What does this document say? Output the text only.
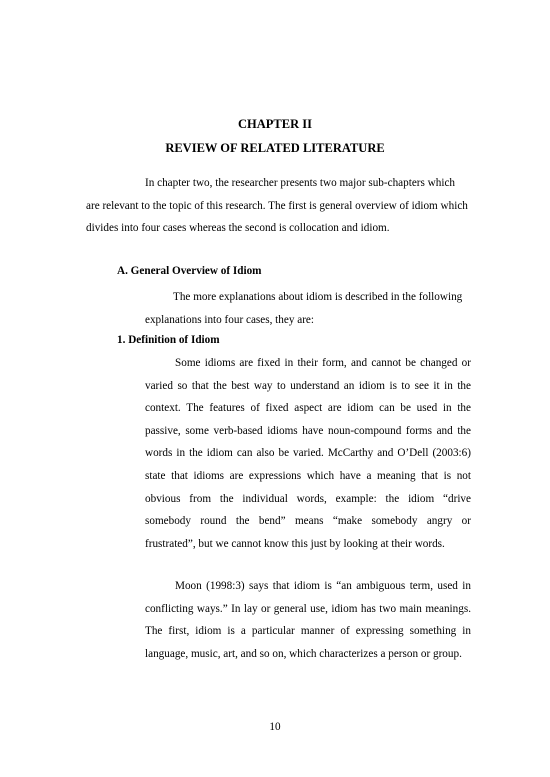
CHAPTER II
REVIEW OF RELATED LITERATURE

In chapter two, the researcher presents two major sub-chapters which are relevant to the topic of this research. The first is general overview of idiom which divides into four cases whereas the second is collocation and idiom.

A. General Overview of Idiom

The more explanations about idiom is described in the following explanations into four cases, they are:

1. Definition of Idiom

Some idioms are fixed in their form, and cannot be changed or varied so that the best way to understand an idiom is to see it in the context. The features of fixed aspect are idiom can be used in the passive, some verb-based idioms have noun-compound forms and the words in the idiom can also be varied. McCarthy and O’Dell (2003:6) state that idioms are expressions which have a meaning that is not obvious from the individual words, example: the idiom “drive somebody round the bend” means “make somebody angry or frustrated”, but we cannot know this just by looking at their words.

Moon (1998:3) says that idiom is “an ambiguous term, used in conflicting ways.” In lay or general use, idiom has two main meanings. The first, idiom is a particular manner of expressing something in language, music, art, and so on, which characterizes a person or group.

10
